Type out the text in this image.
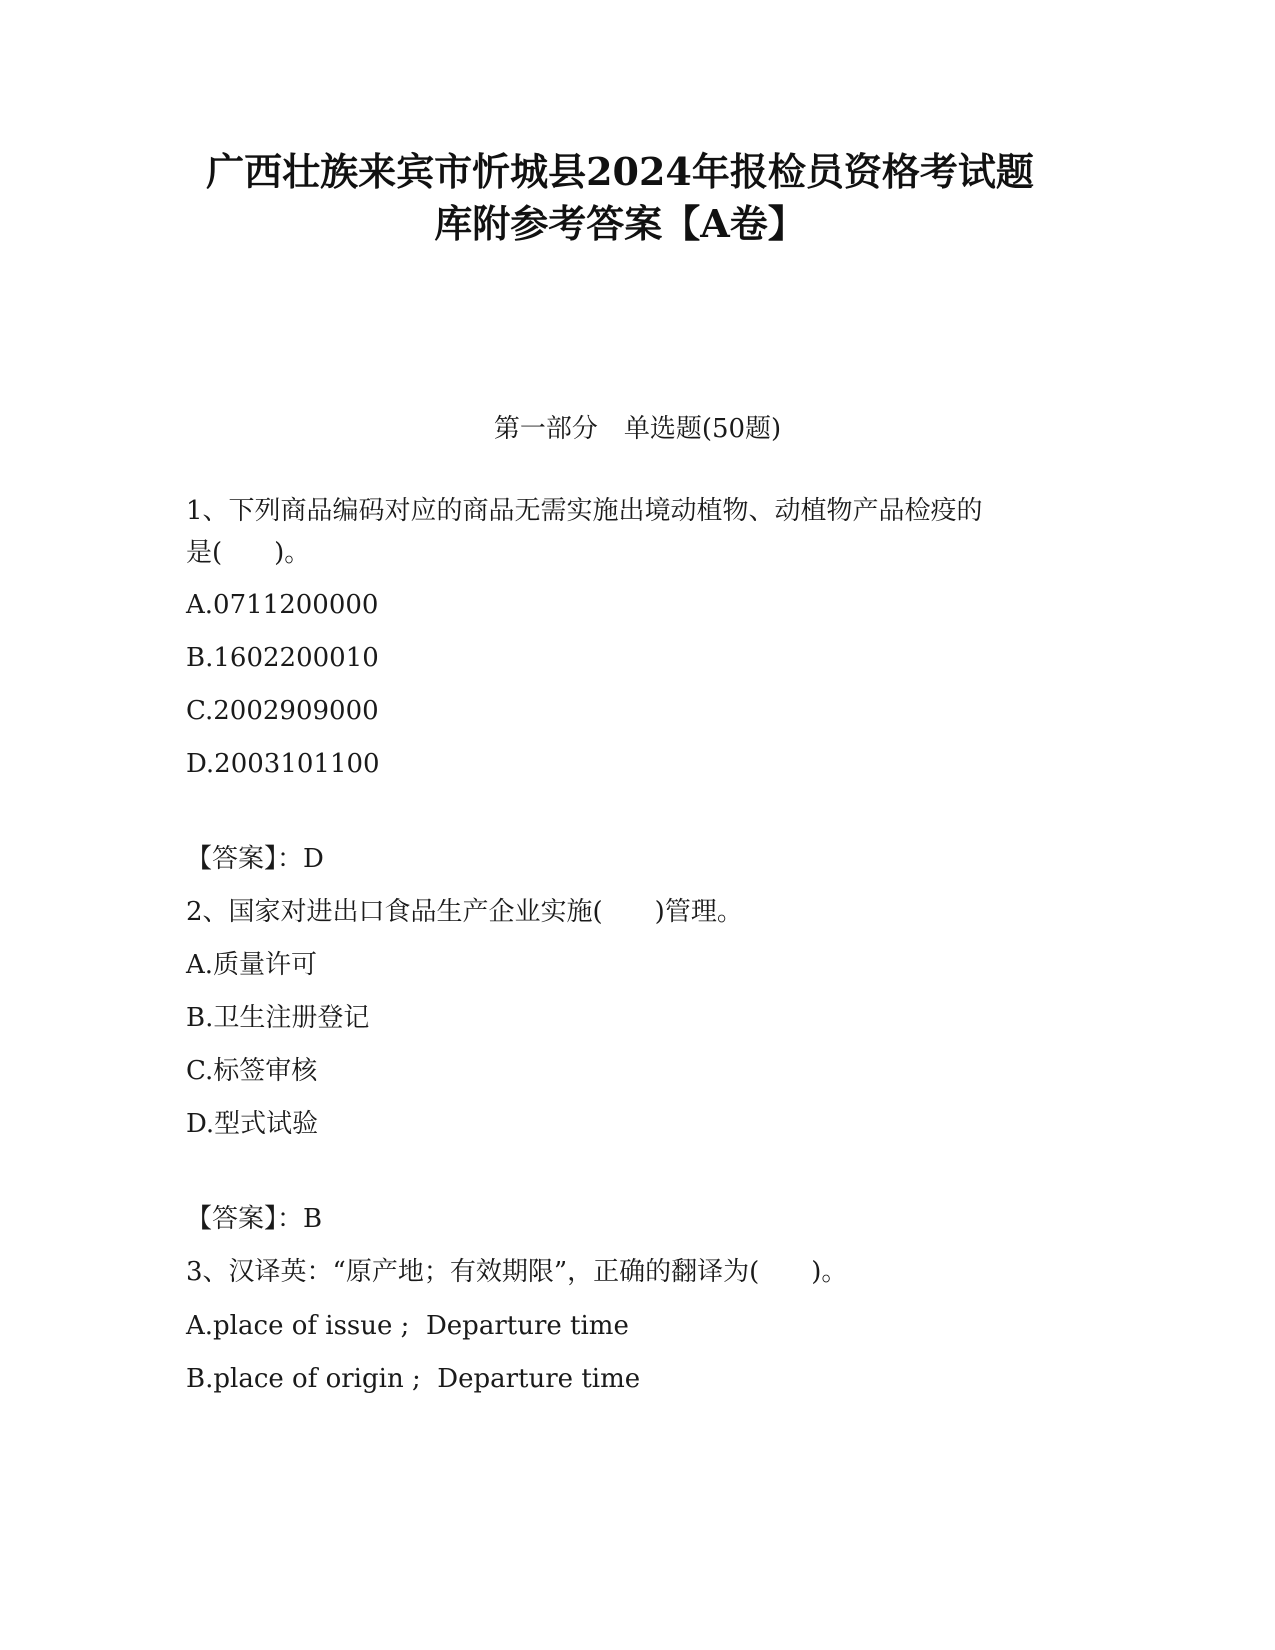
广西壮族来宾市忻城县2024年报检员资格考试题
库附参考答案【A卷】
第一部分　单选题(50题)
1、下列商品编码对应的商品无需实施出境动植物、动植物产品检疫的
是(　　)。

A.0711200000

B.1602200010

C.2002909000

D.2003101100

【答案】：D

2、国家对进出口食品生产企业实施(　　)管理。

A.质量许可

B.卫生注册登记

C.标签审核

D.型式试验

【答案】：B

3、汉译英：“原产地；有效期限”，正确的翻译为(　　)。

A.place of issue ;  Departure time

B.place of origin ;  Departure time
